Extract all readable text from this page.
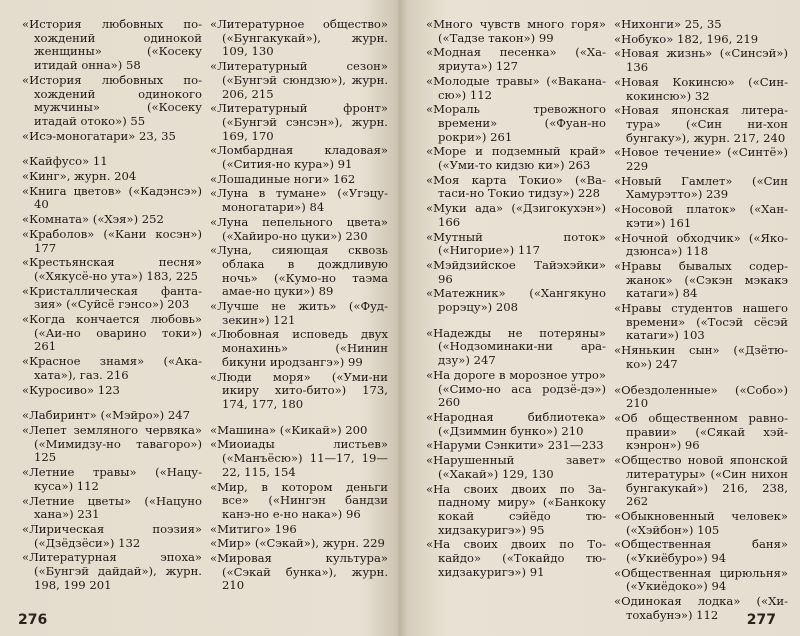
«История любовных похождений одинокой женщины» («Косеку итидай онна») 58
«История любовных похождений одинокого мужчины» («Косеку итадай отоко») 55
«Исэ-моногатари» 23, 35
«Кайфусо» 11
«Кинг», журн. 204
«Книга цветов» («Кадэнсэ») 40
«Комната» («Хэя») 252
«Краболов» («Кани косэн») 177
«Крестьянская песня» («Хякусё-но ута») 183, 225
«Кристаллическая фантазия» («Суйсё гэнсо») 203
«Когда кончается любовь» («Аи-но оварино токи») 261
«Красное знамя» («Акахата»), газ. 216
«Куросиво» 123
«Лабиринт» («Мэйро») 247
«Лепет земляного червяка» («Мимидзу-но тавагоро») 125
«Летние травы» («Нацукуса») 112
«Летние цветы» («Нацуно хана») 231
«Лирическая поэзия» («Дзёдзёси») 132
«Литературная эпоха» («Бунгэй дайдай»), журн. 198, 199 201
«Литературное общество» («Бунгакукай»), журн. 109, 130
«Литературный сезон» («Бунгэй сюндзю»), журн. 206, 215
«Литературный фронт» («Бунгэй сэнсэн»), журн. 169, 170
«Ломбардная кладовая» («Сития-но кура») 91
«Лошадиные ноги» 162
«Луна в тумане» («Угэцу-моногатари») 84
«Луна пепельного цвета» («Хайиро-но цуки») 230
«Луна, сияющая сквозь облака в дождливую ночь» («Кумо-но таэма амае-но цуки») 89
«Лучше не жить» («Фудзекин») 121
«Любовная исповедь двух монахинь» («Нинин бикуни иродзангэ») 99
«Люди моря» («Уми-ни икиру хито-бито») 173, 174, 177, 180
«Машина» («Кикай») 200
«Миоиады листьев» («Манъёсю») 11—17, 19—22, 115, 154
«Мир, в котором деньги все» («Нингэн бандзи канэ-но е-но нака») 96
«Митиго» 196
«Мир» («Сэкай»), журн. 229
«Мировая культура» («Сэкай бунка»), журн. 210
276
«Много чувств много горя» («Тадзе такон») 99
«Модная песенка» («Хаяриута») 127
«Молодые травы» («Вакана-сю») 112
«Мораль тревожного времени» («Фуан-но рокри») 261
«Море и подземный край» («Уми-то кидзю ки») 263
«Моя карта Токио» («Ватаси-но Токио тидзу») 228
«Муки ада» («Дзигокухэн») 166
«Мутный поток» («Нигорие») 117
«Мэйдзийское Тайэхэйки» 96
«Матежник» («Хангякуно рорэцу») 208
«Надежды не потеряны» («Нодзоминаки-ни арадзу») 247
«На дороге в морозное утро» («Симо-но аса родзё-дэ») 260
«Народная библиотека» («Дзиммин бунко») 210
«Наруми Сэнкити» 231—233
«Нарушенный завет» («Хакай») 129, 130
«На своих двоих по Западному миру» («Банкоку кокай сэйёдо тюхидзакуригэ») 95
«На своих двоих по Токайдо» («Токайдо тюхидзакуригэ») 91
«Нихонги» 25, 35
«Нобуко» 182, 196, 219
«Новая жизнь» («Синсэй») 136
«Новая Кокинсю» («Синкокинсю») 32
«Новая японская литература» («Син ни-хон бунгаку»), журн. 217, 240
«Новое течение» («Синтё») 229
«Новый Гамлет» («Син Хамурэтто») 239
«Носовой платок» («Ханкэти») 161
«Ночной обходчик» («Яко-дзюнса») 118
«Нравы бывалых содержанок» («Сэкэн мэкакэ катаги») 84
«Нравы студентов нашего времени» («Тосэй сёсэй катаги») 103
«Нянькин сын» («Дзётюко») 247
«Обездоленные» («Собо») 210
«Об общественном равноправии» («Сякай хэйкэнрон») 96
«Общество новой японской литературы» («Син нихон бунгакукай») 216, 238, 262
«Обыкновенный человек» («Хэйбон») 105
«Общественная баня» («Укиёбуро») 94
«Общественная цирюльня» («Укиёдоко») 94
«Одинокая лодка» («Хитохабунэ») 112	277
